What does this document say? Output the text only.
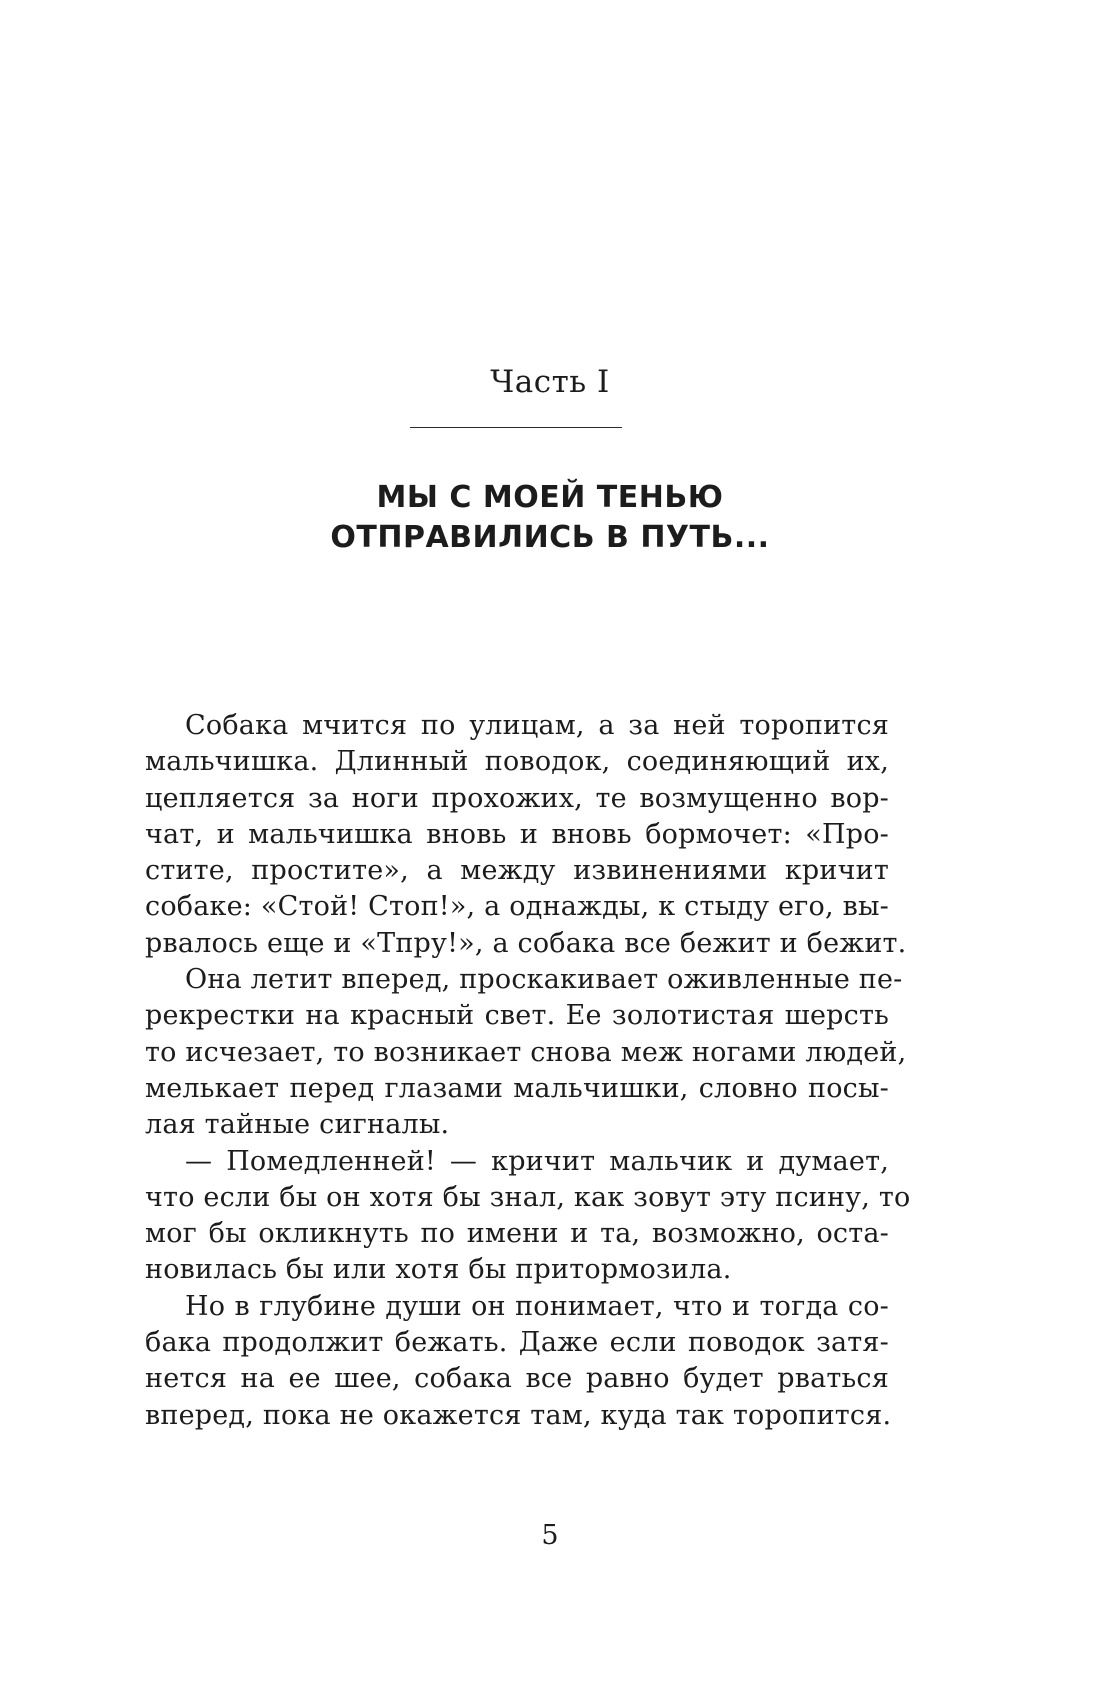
Часть I
МЫ С МОЕЙ ТЕНЬЮ
ОТПРАВИЛИСЬ В ПУТЬ...
Собака мчится по улицам, а за ней торопится
мальчишка. Длинный поводок, соединяющий их,
цепляется за ноги прохожих, те возмущенно вор-
чат, и мальчишка вновь и вновь бормочет: «Про-
стите, простите», а между извинениями кричит
собаке: «Стой! Стоп!», а однажды, к стыду его, вы-
рвалось еще и «Тпру!», а собака все бежит и бежит.
Она летит вперед, проскакивает оживленные пе-
рекрестки на красный свет. Ее золотистая шерсть
то исчезает, то возникает снова меж ногами людей,
мелькает перед глазами мальчишки, словно посы-
лая тайные сигналы.
— Помедленней! — кричит мальчик и думает,
что если бы он хотя бы знал, как зовут эту псину, то
мог бы окликнуть по имени и та, возможно, оста-
новилась бы или хотя бы притормозила.
Но в глубине души он понимает, что и тогда со-
бака продолжит бежать. Даже если поводок затя-
нется на ее шее, собака все равно будет рваться
вперед, пока не окажется там, куда так торопится.
5
